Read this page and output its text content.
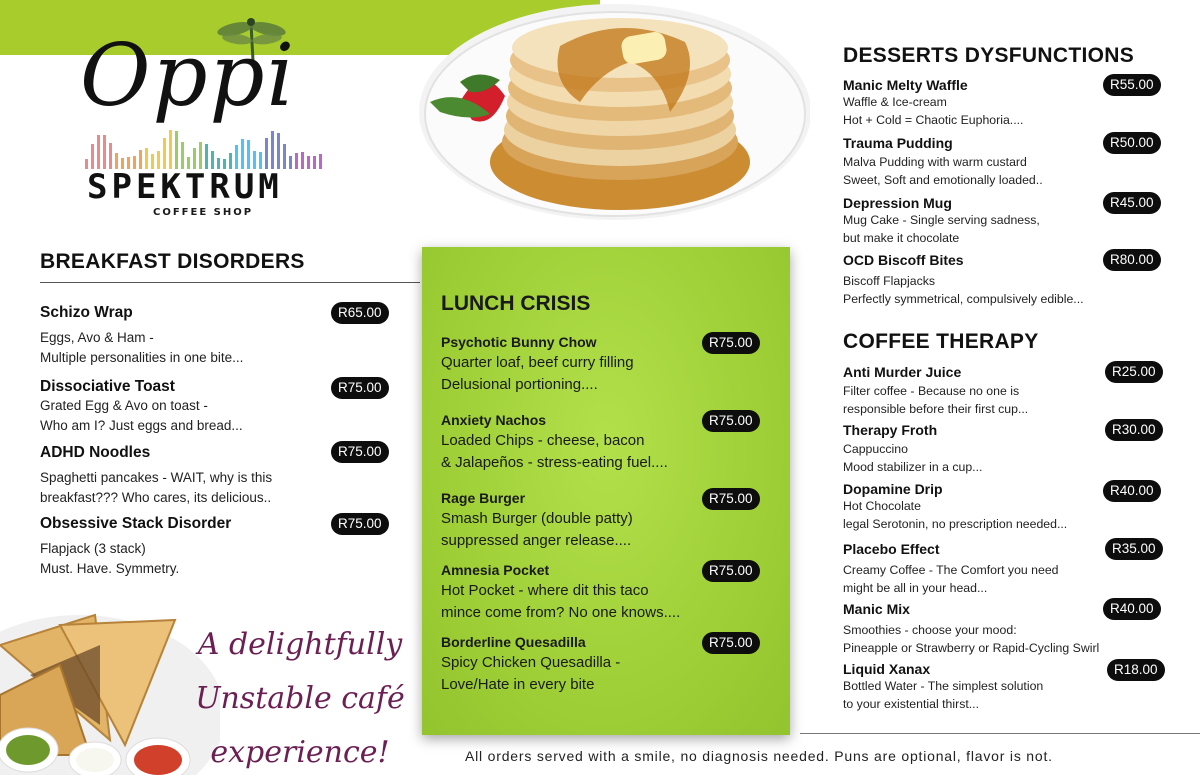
Oppi
SPEKTRUM
COFFEE SHOP
BREAKFAST DISORDERS
Schizo Wrap
Eggs, Avo & Ham -
Multiple personalities in one bite...
R65.00
Dissociative Toast
Grated Egg & Avo on toast -
Who am I? Just eggs and bread...
R75.00
ADHD Noodles
Spaghetti pancakes - WAIT, why is this
breakfast??? Who cares, its delicious..
R75.00
Obsessive Stack Disorder
Flapjack (3 stack)
Must. Have. Symmetry.
R75.00
LUNCH CRISIS
Psychotic Bunny Chow
Quarter loaf, beef curry filling
Delusional portioning....
R75.00
Anxiety Nachos
Loaded Chips - cheese, bacon
& Jalapeños - stress-eating fuel....
R75.00
Rage Burger
Smash Burger (double patty)
suppressed anger release....
R75.00
Amnesia Pocket
Hot Pocket - where dit this taco
mince come from? No one knows....
R75.00
Borderline Quesadilla
Spicy Chicken Quesadilla -
Love/Hate in every bite
R75.00
DESSERTS DYSFUNCTIONS
Manic Melty Waffle
Waffle & Ice-cream
Hot + Cold = Chaotic Euphoria....
R55.00
Trauma Pudding
Malva Pudding with warm custard
Sweet, Soft and emotionally loaded..
R50.00
Depression Mug
Mug Cake - Single serving sadness,
but make it chocolate
R45.00
OCD Biscoff Bites
Biscoff Flapjacks
Perfectly symmetrical, compulsively edible...
R80.00
COFFEE THERAPY
Anti Murder Juice
Filter coffee - Because no one is
responsible before their first cup...
R25.00
Therapy Froth
Cappuccino
Mood stabilizer in a cup...
R30.00
Dopamine Drip
Hot Chocolate
legal Serotonin, no prescription needed...
R40.00
Placebo Effect
Creamy Coffee - The Comfort you need
might be all in your head...
R35.00
Manic Mix
Smoothies - choose your mood:
Pineapple or Strawberry or Rapid-Cycling Swirl
R40.00
Liquid Xanax
Bottled Water - The simplest solution
to your existential thirst...
R18.00
A delightfully
Unstable café
experience!	All orders served with a smile, no diagnosis needed. Puns are optional, flavor is not.
